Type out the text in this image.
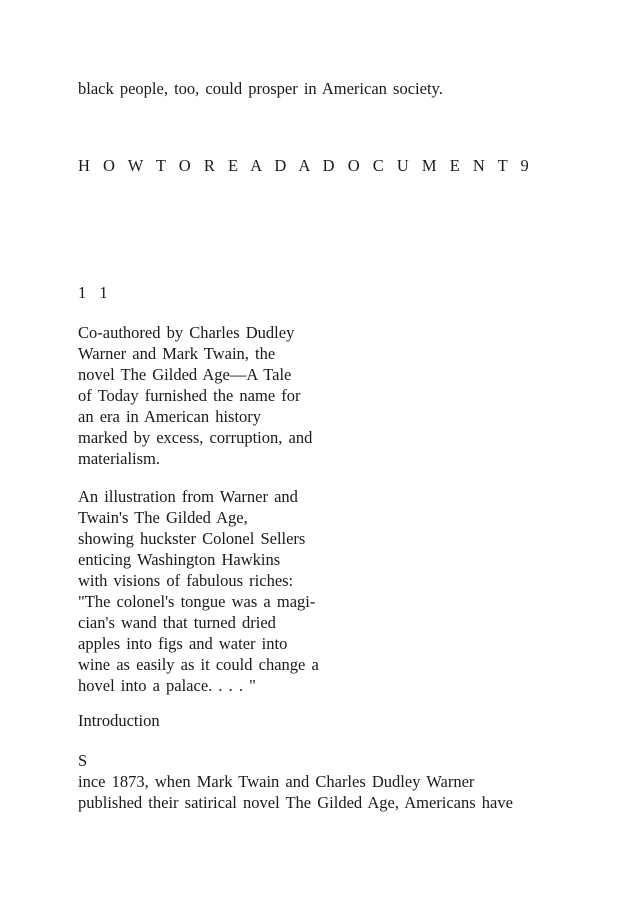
black people, too, could prosper in American society.
H O W T O R E A D A D O C U M E N T 9
1 1
Co-authored by Charles Dudley
Warner and Mark Twain, the
novel The Gilded Age—A Tale
of Today furnished the name for
an era in American history
marked by excess, corruption, and
materialism.
An illustration from Warner and
Twain's The Gilded Age,
showing huckster Colonel Sellers
enticing Washington Hawkins
with visions of fabulous riches:
"The colonel's tongue was a magi-
cian's wand that turned dried
apples into figs and water into
wine as easily as it could change a
hovel into a palace. . . . "
Introduction
S
ince 1873, when Mark Twain and Charles Dudley Warner
published their satirical novel The Gilded Age, Americans have
